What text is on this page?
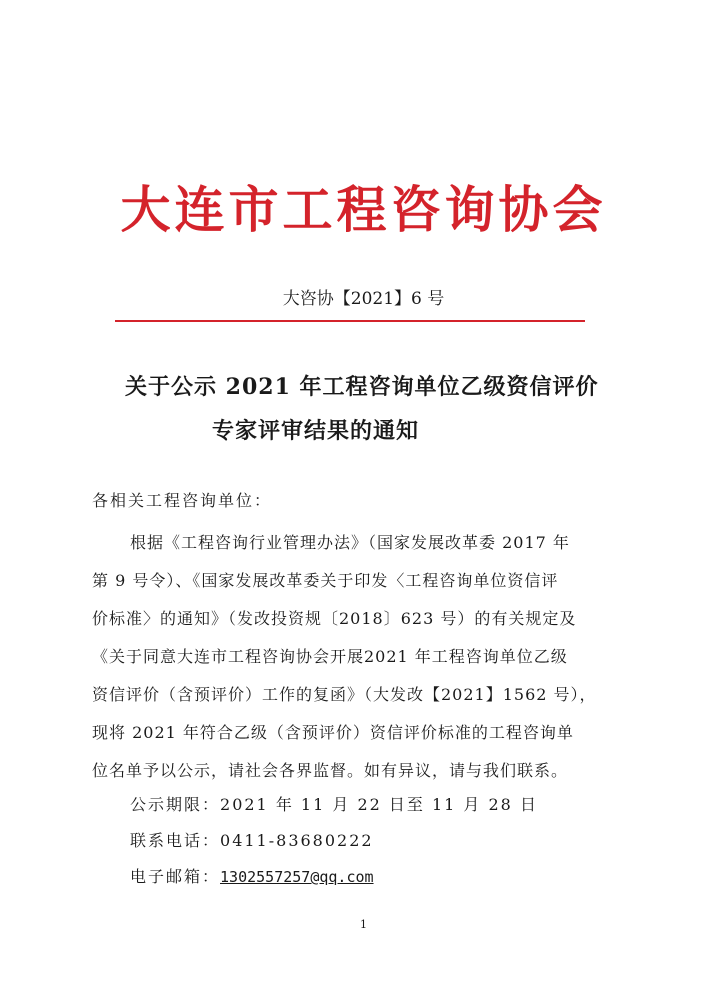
大连市工程咨询协会
大咨协【2021】6 号
关于公示 2021 年工程咨询单位乙级资信评价
专家评审结果的通知
各相关工程咨询单位：
根据《工程咨询行业管理办法》（国家发展改革委 2017 年
第 9 号令）、《国家发展改革委关于印发〈工程咨询单位资信评
价标准〉的通知》（发改投资规〔2018〕623 号）的有关规定及
《关于同意大连市工程咨询协会开展2021 年工程咨询单位乙级
资信评价（含预评价）工作的复函》（大发改【2021】1562 号），
现将 2021 年符合乙级（含预评价）资信评价标准的工程咨询单
位名单予以公示，请社会各界监督。如有异议，请与我们联系。
公示期限：2021 年 11 月 22 日至 11 月 28 日
联系电话：0411-83680222
电子邮箱：1302557257@qq.com
1
